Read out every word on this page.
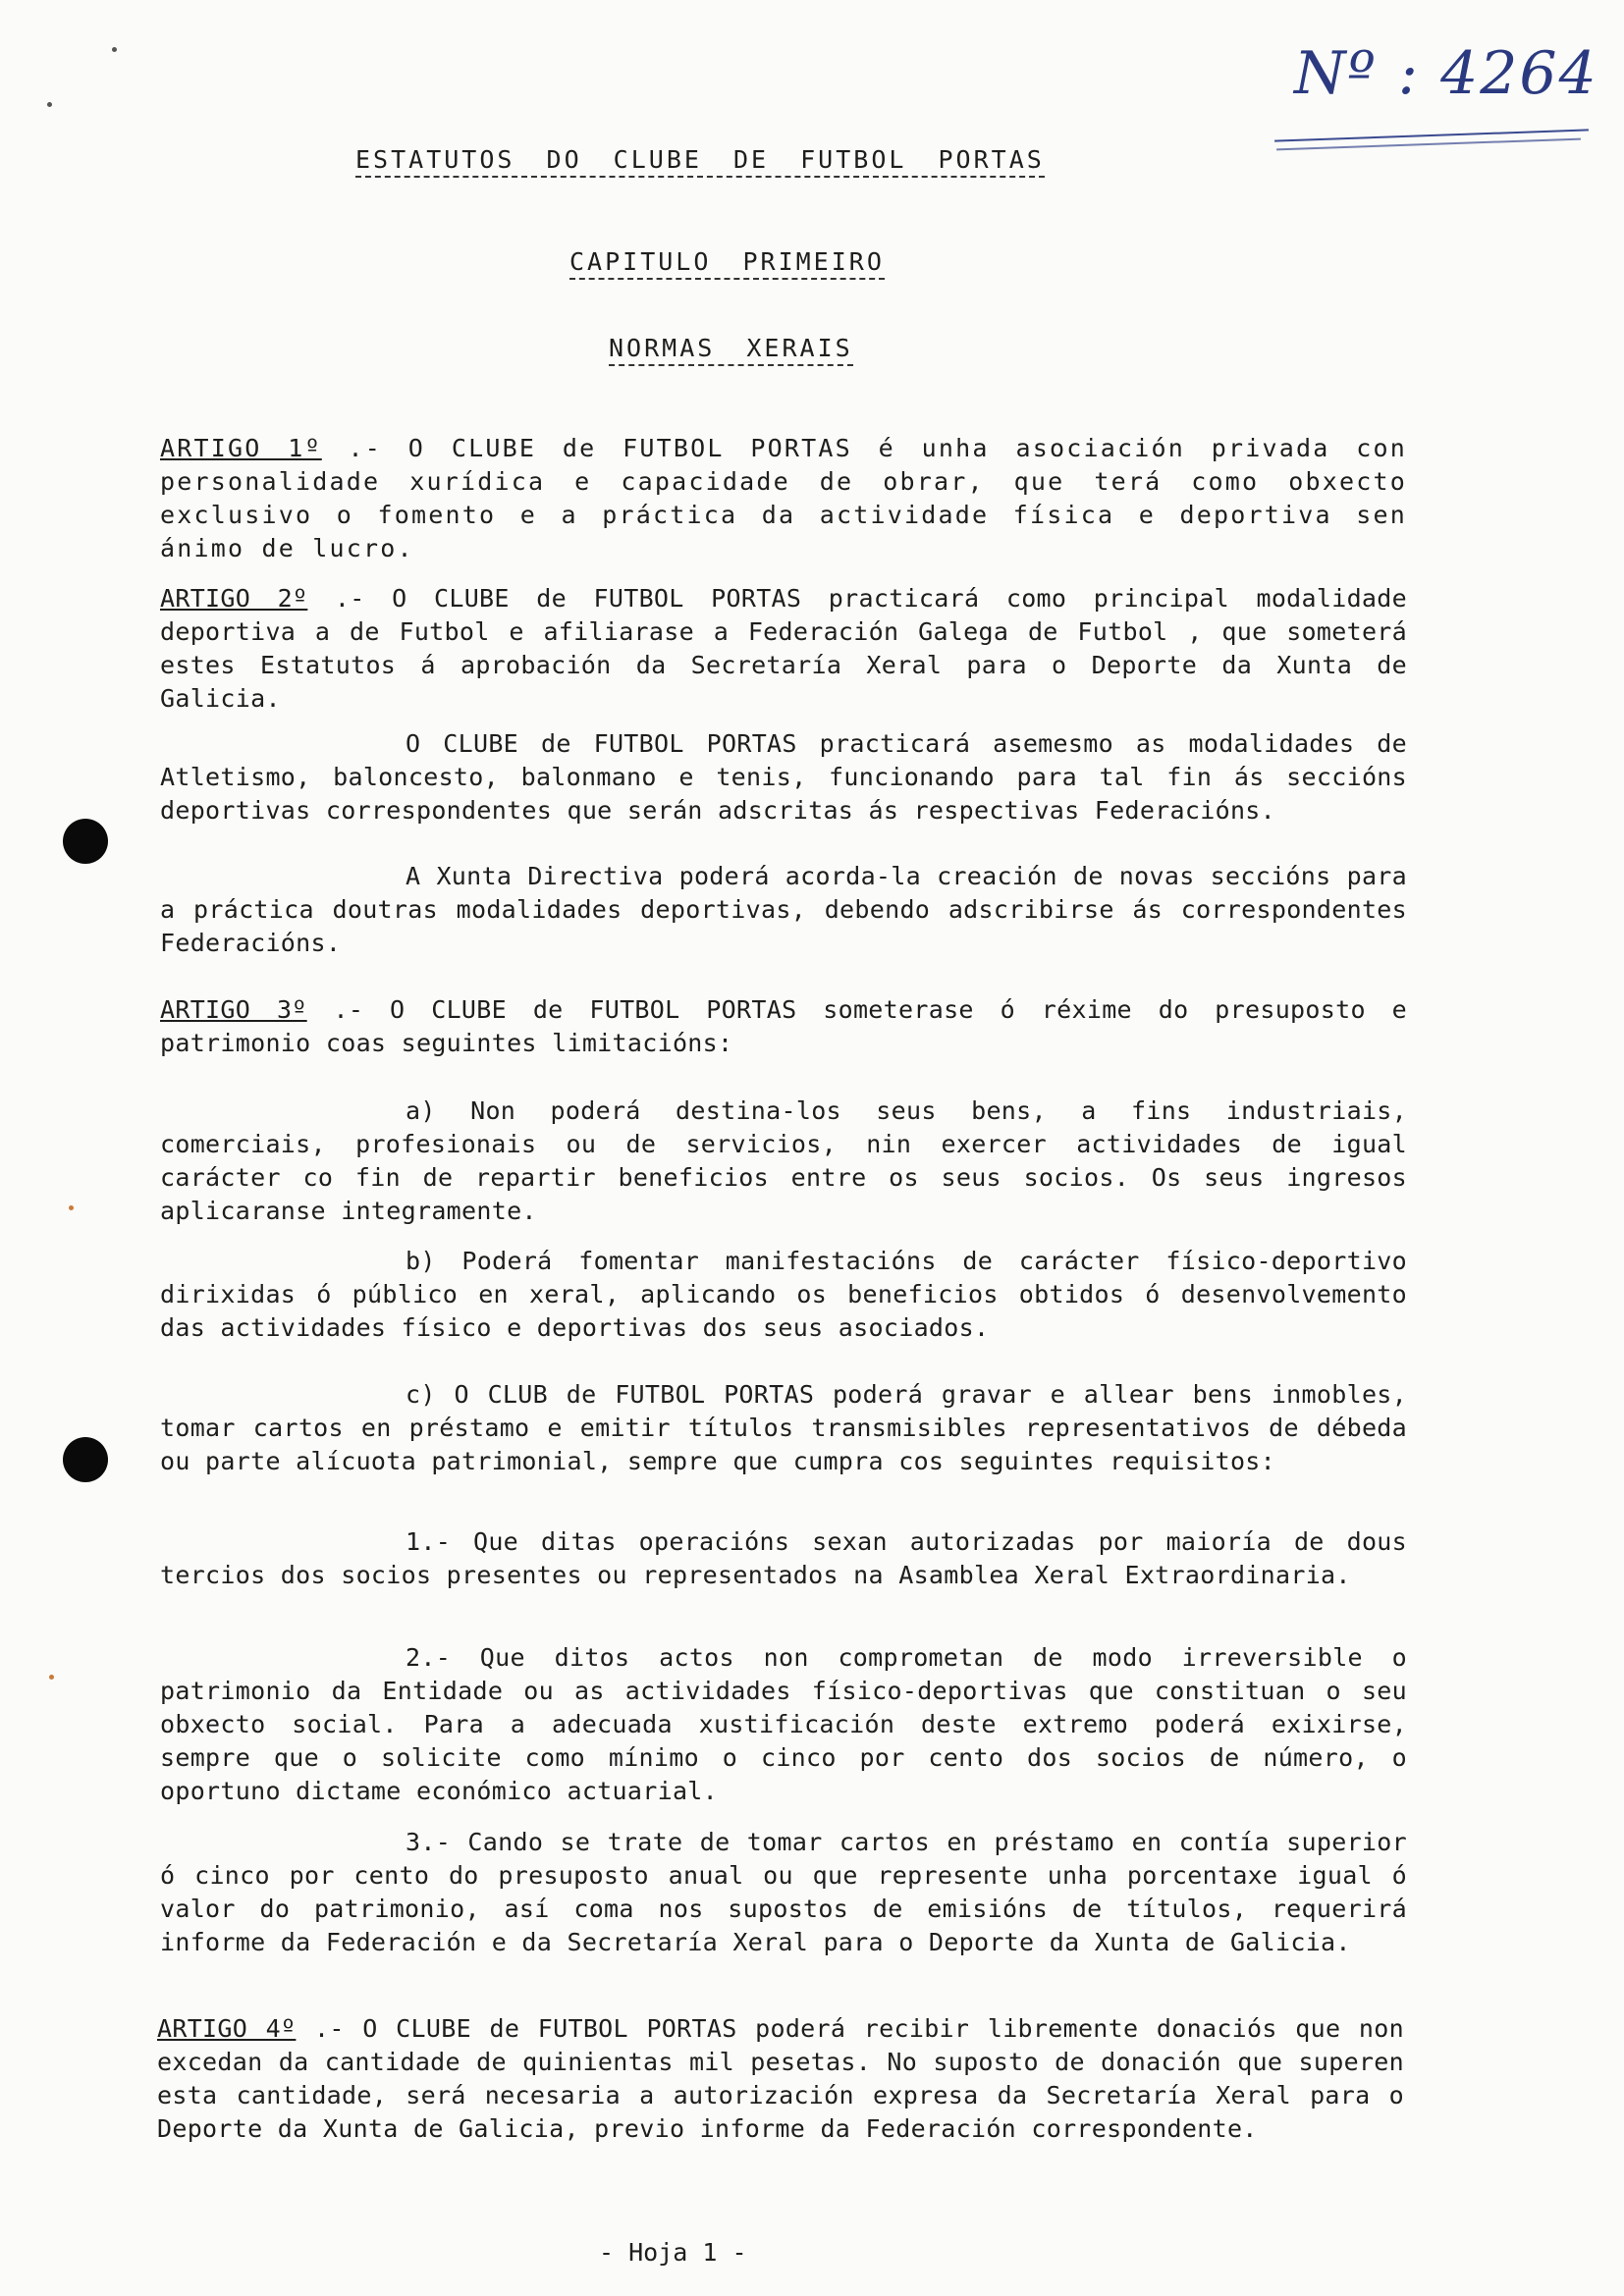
Nº : 4264
ESTATUTOS DO CLUBE DE FUTBOL PORTAS
CAPITULO PRIMEIRO
NORMAS XERAIS

ARTIGO 1º .- O CLUBE de FUTBOL PORTAS é unha asociación privada con personalidade xurídica e capacidade de obrar, que terá como obxecto exclusivo o fomento e a práctica da actividade física e deportiva sen ánimo de lucro.

ARTIGO 2º .- O CLUBE de FUTBOL PORTAS practicará como principal modalidade deportiva a de Futbol e afiliarase a Federación Galega de Futbol , que someterá estes Estatutos á aprobación da Secretaría Xeral para o Deporte da Xunta de Galicia.

O CLUBE de FUTBOL PORTAS practicará asemesmo as modalidades de Atletismo, baloncesto, balonmano e tenis, funcionando para tal fin ás seccións deportivas correspondentes que serán adscritas ás respectivas Federacións.

A Xunta Directiva poderá acorda-la creación de novas seccións para a práctica doutras modalidades deportivas, debendo adscribirse ás correspondentes Federacións.

ARTIGO 3º .- O CLUBE de FUTBOL PORTAS someterase ó réxime do presuposto e patrimonio coas seguintes limitacións:

a) Non poderá destina-los seus bens, a fins industriais, comerciais, profesionais ou de servicios, nin exercer actividades de igual carácter co fin de repartir beneficios entre os seus socios. Os seus ingresos aplicaranse integramente.

b) Poderá fomentar manifestacións de carácter físico-deportivo dirixidas ó público en xeral, aplicando os beneficios obtidos ó desenvolvemento das actividades físico e deportivas dos seus asociados.

c) O CLUB de FUTBOL PORTAS poderá gravar e allear bens inmobles, tomar cartos en préstamo e emitir títulos transmisibles representativos de débeda ou parte alícuota patrimonial, sempre que cumpra cos seguintes requisitos:

1.- Que ditas operacións sexan autorizadas por maioría de dous tercios dos socios presentes ou representados na Asamblea Xeral Extraordinaria.

2.- Que ditos actos non comprometan de modo irreversible o patrimonio da Entidade ou as actividades físico-deportivas que constituan o seu obxecto social. Para a adecuada xustificación deste extremo poderá exixirse, sempre que o solicite como mínimo o cinco por cento dos socios de número, o oportuno dictame económico actuarial.

3.- Cando se trate de tomar cartos en préstamo en contía superior ó cinco por cento do presuposto anual ou que represente unha porcentaxe igual ó valor do patrimonio, así coma nos supostos de emisións de títulos, requerirá informe da Federación e da Secretaría Xeral para o Deporte da Xunta de Galicia.

ARTIGO 4º .- O CLUBE de FUTBOL PORTAS poderá recibir libremente donaciós que non excedan da cantidade de quinientas mil pesetas. No suposto de donación que superen esta cantidade, será necesaria a autorización expresa da Secretaría Xeral para o Deporte da Xunta de Galicia, previo informe da Federación correspondente.

- Hoja 1 -
